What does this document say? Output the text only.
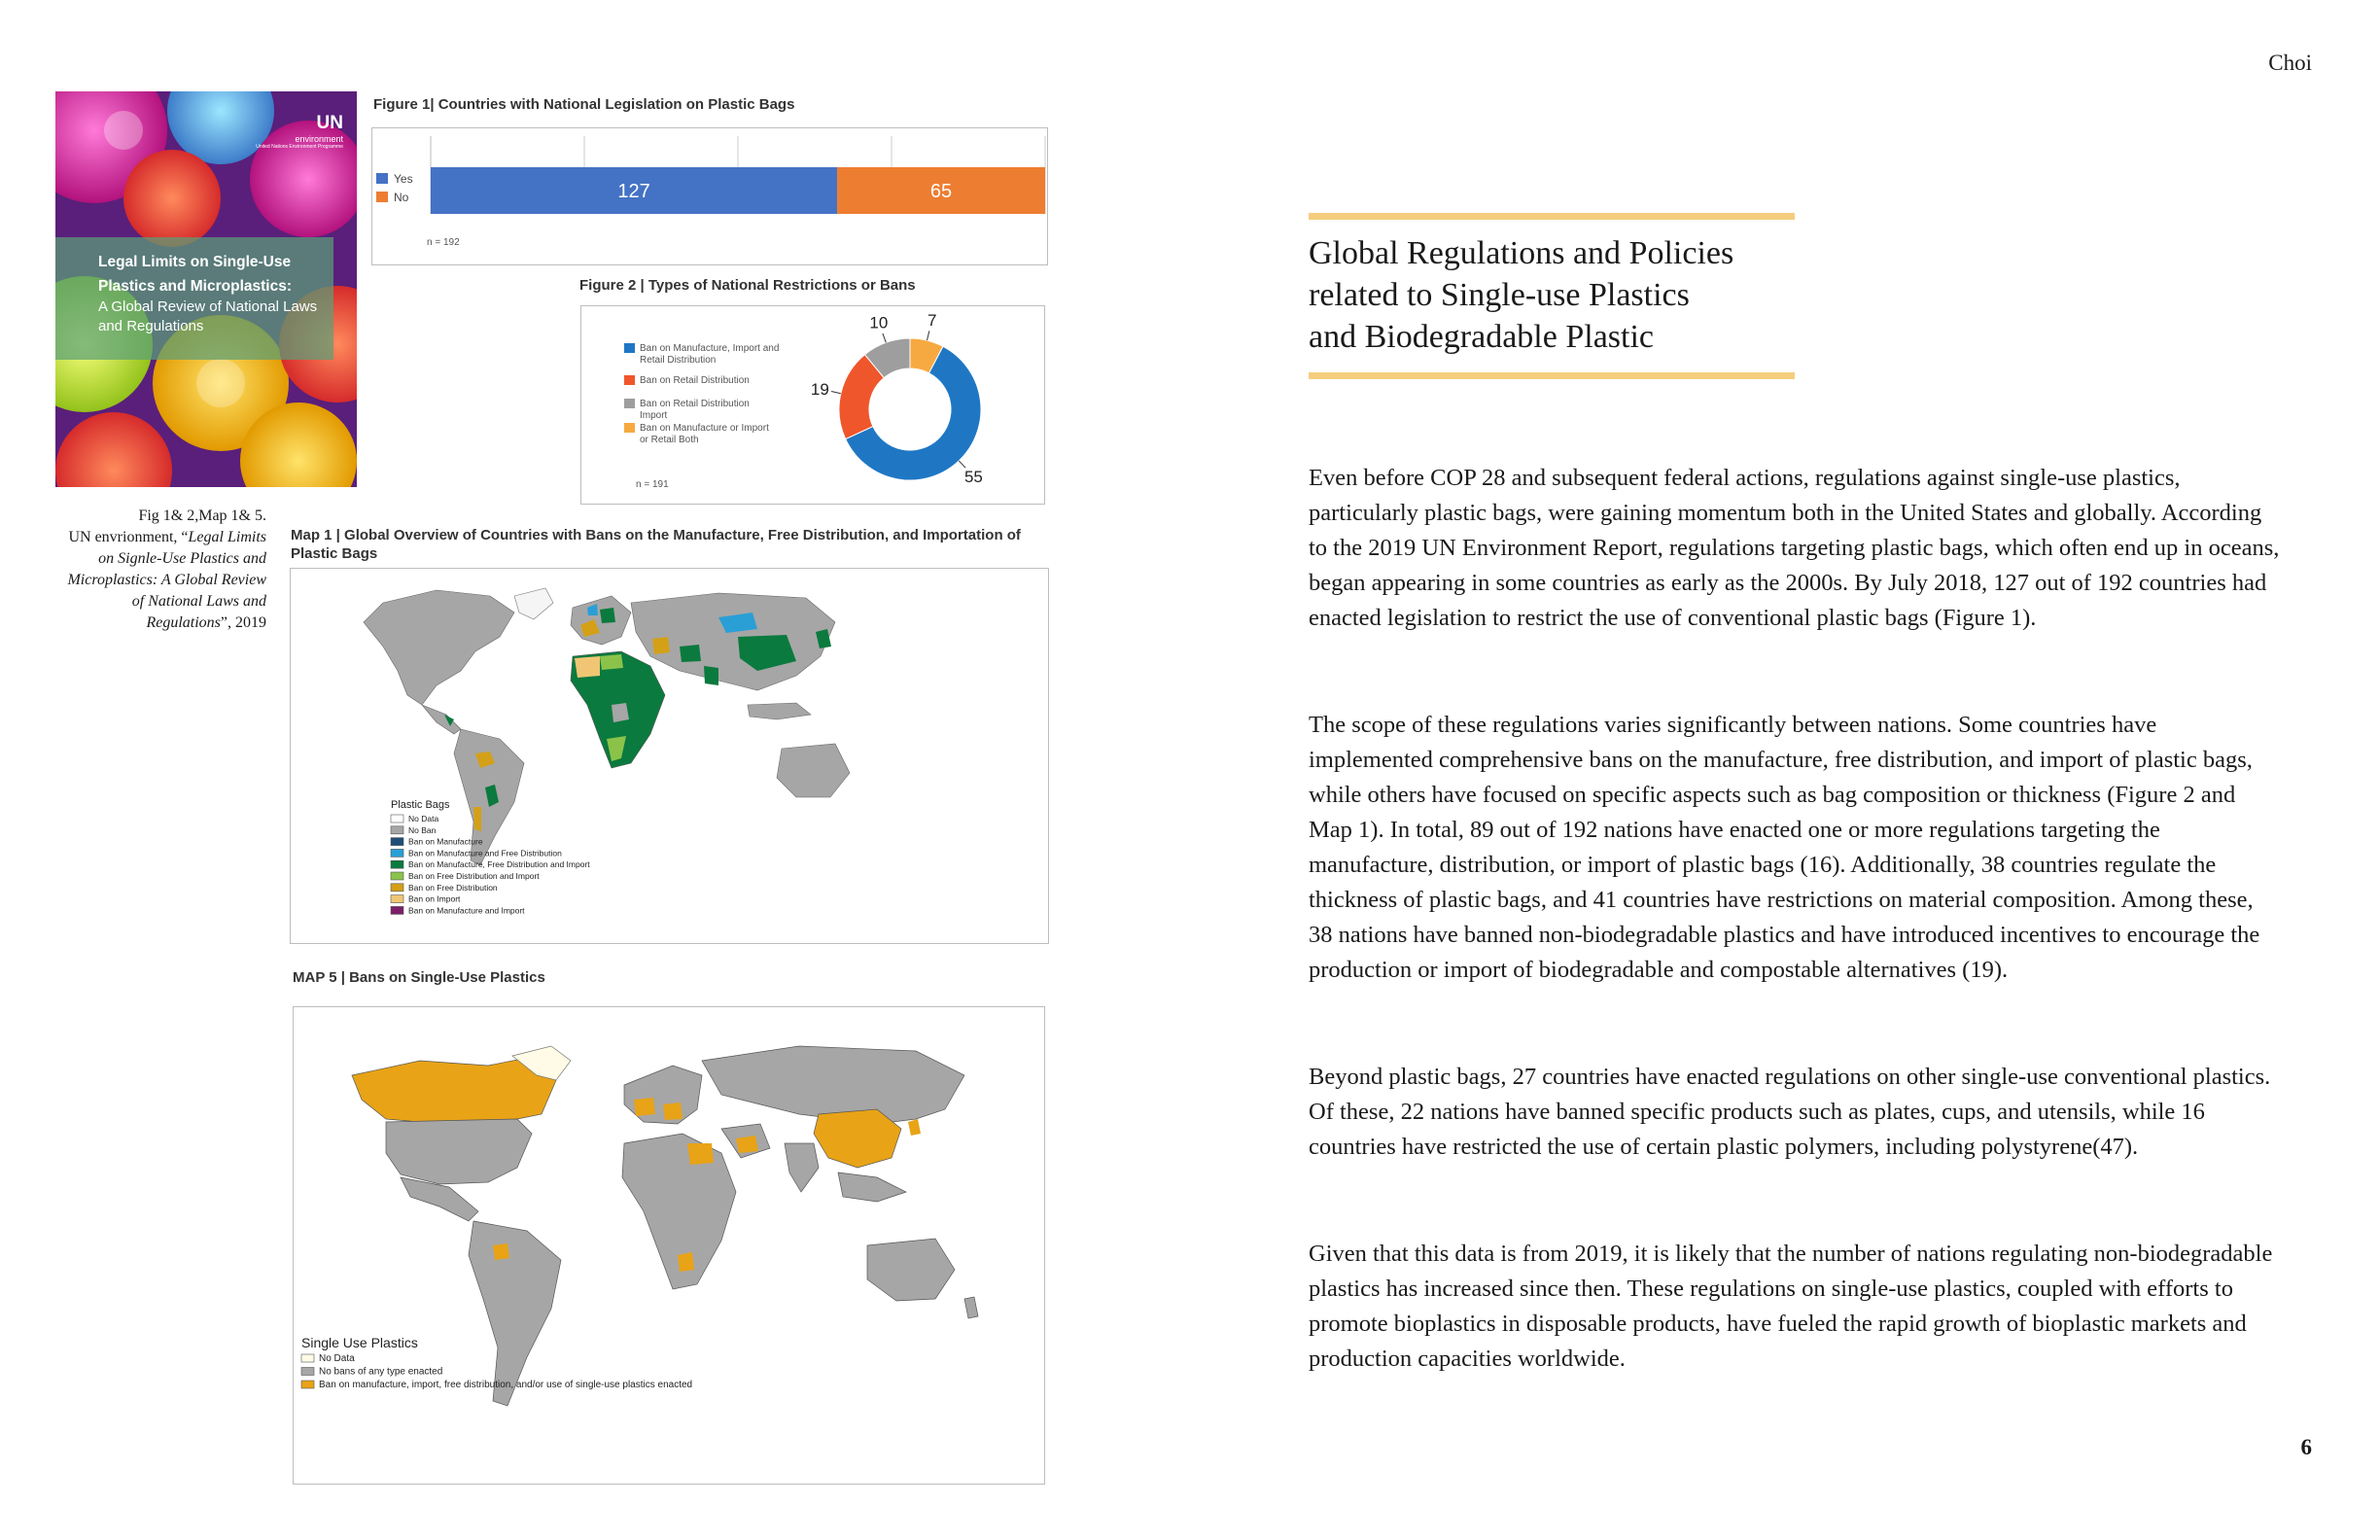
Choi
6
UN
environment
United Nations Environment Programme
Legal Limits on Single-Use Plastics and Microplastics:
A Global Review of National Laws and Regulations
Fig 1& 2,Map 1& 5.
UN envrionment, “Legal Limits on Signle-Use Plastics and Microplastics: A Global Review of National Laws and Regulations”, 2019
Figure 1| Countries with National Legislation on Plastic Bags
127	65
Yes
No
n = 192
Figure 2 | Types of National Restrictions or Bans
Ban on Manufacture, Import and Retail Distribution
Ban on Retail Distribution
Ban on Retail Distribution Import
Ban on Manufacture or Import or Retail Both
7
55
19
10
n = 191
Map 1 | Global Overview of Countries with Bans on the Manufacture, Free Distribution, and Importation of Plastic Bags
Plastic Bags
No Data
No Ban
Ban on Manufacture
Ban on Manufacture and Free Distribution
Ban on Manufacture, Free Distribution and Import
Ban on Free Distribution and Import
Ban on Free Distribution
Ban on Import
Ban on Manufacture and Import
MAP 5 | Bans on Single-Use Plastics
Single Use Plastics
No Data
No bans of any type enacted
Ban on manufacture, import, free distribution, and/or use of single-use plastics enacted
Global Regulations and Policies
related to Single-use Plastics
and Biodegradable Plastic

Even before COP 28 and subsequent federal actions, regulations against single-use plastics, particularly plastic bags, were gaining momentum both in the United States and globally. According to the 2019 UN Environment Report, regulations targeting plastic bags, which often end up in oceans, began appearing in some countries as early as the 2000s. By July 2018, 127 out of 192 countries had enacted legislation to restrict the use of conventional plastic bags (Figure 1).

The scope of these regulations varies significantly between nations. Some countries have implemented comprehensive bans on the manufacture, free distribution, and import of plastic bags, while others have focused on specific aspects such as bag composition or thickness (Figure 2 and Map 1). In total, 89 out of 192 nations have enacted one or more regulations targeting the manufacture, distribution, or import of plastic bags (16). Additionally, 38 countries regulate the thickness of plastic bags, and 41 countries have restrictions on material composition. Among these, 38 nations have banned non-biodegradable plastics and have introduced incentives to encourage the production or import of biodegradable and compostable alternatives (19).

Beyond plastic bags, 27 countries have enacted regulations on other single-use conventional plastics. Of these, 22 nations have banned specific products such as plates, cups, and utensils, while 16 countries have restricted the use of certain plastic polymers, including polystyrene(47).

Given that this data is from 2019, it is likely that the number of nations regulating non-biodegradable plastics has increased since then. These regulations on single-use plastics, coupled with efforts to promote bioplastics in disposable products, have fueled the rapid growth of bioplastic markets and production capacities worldwide.
